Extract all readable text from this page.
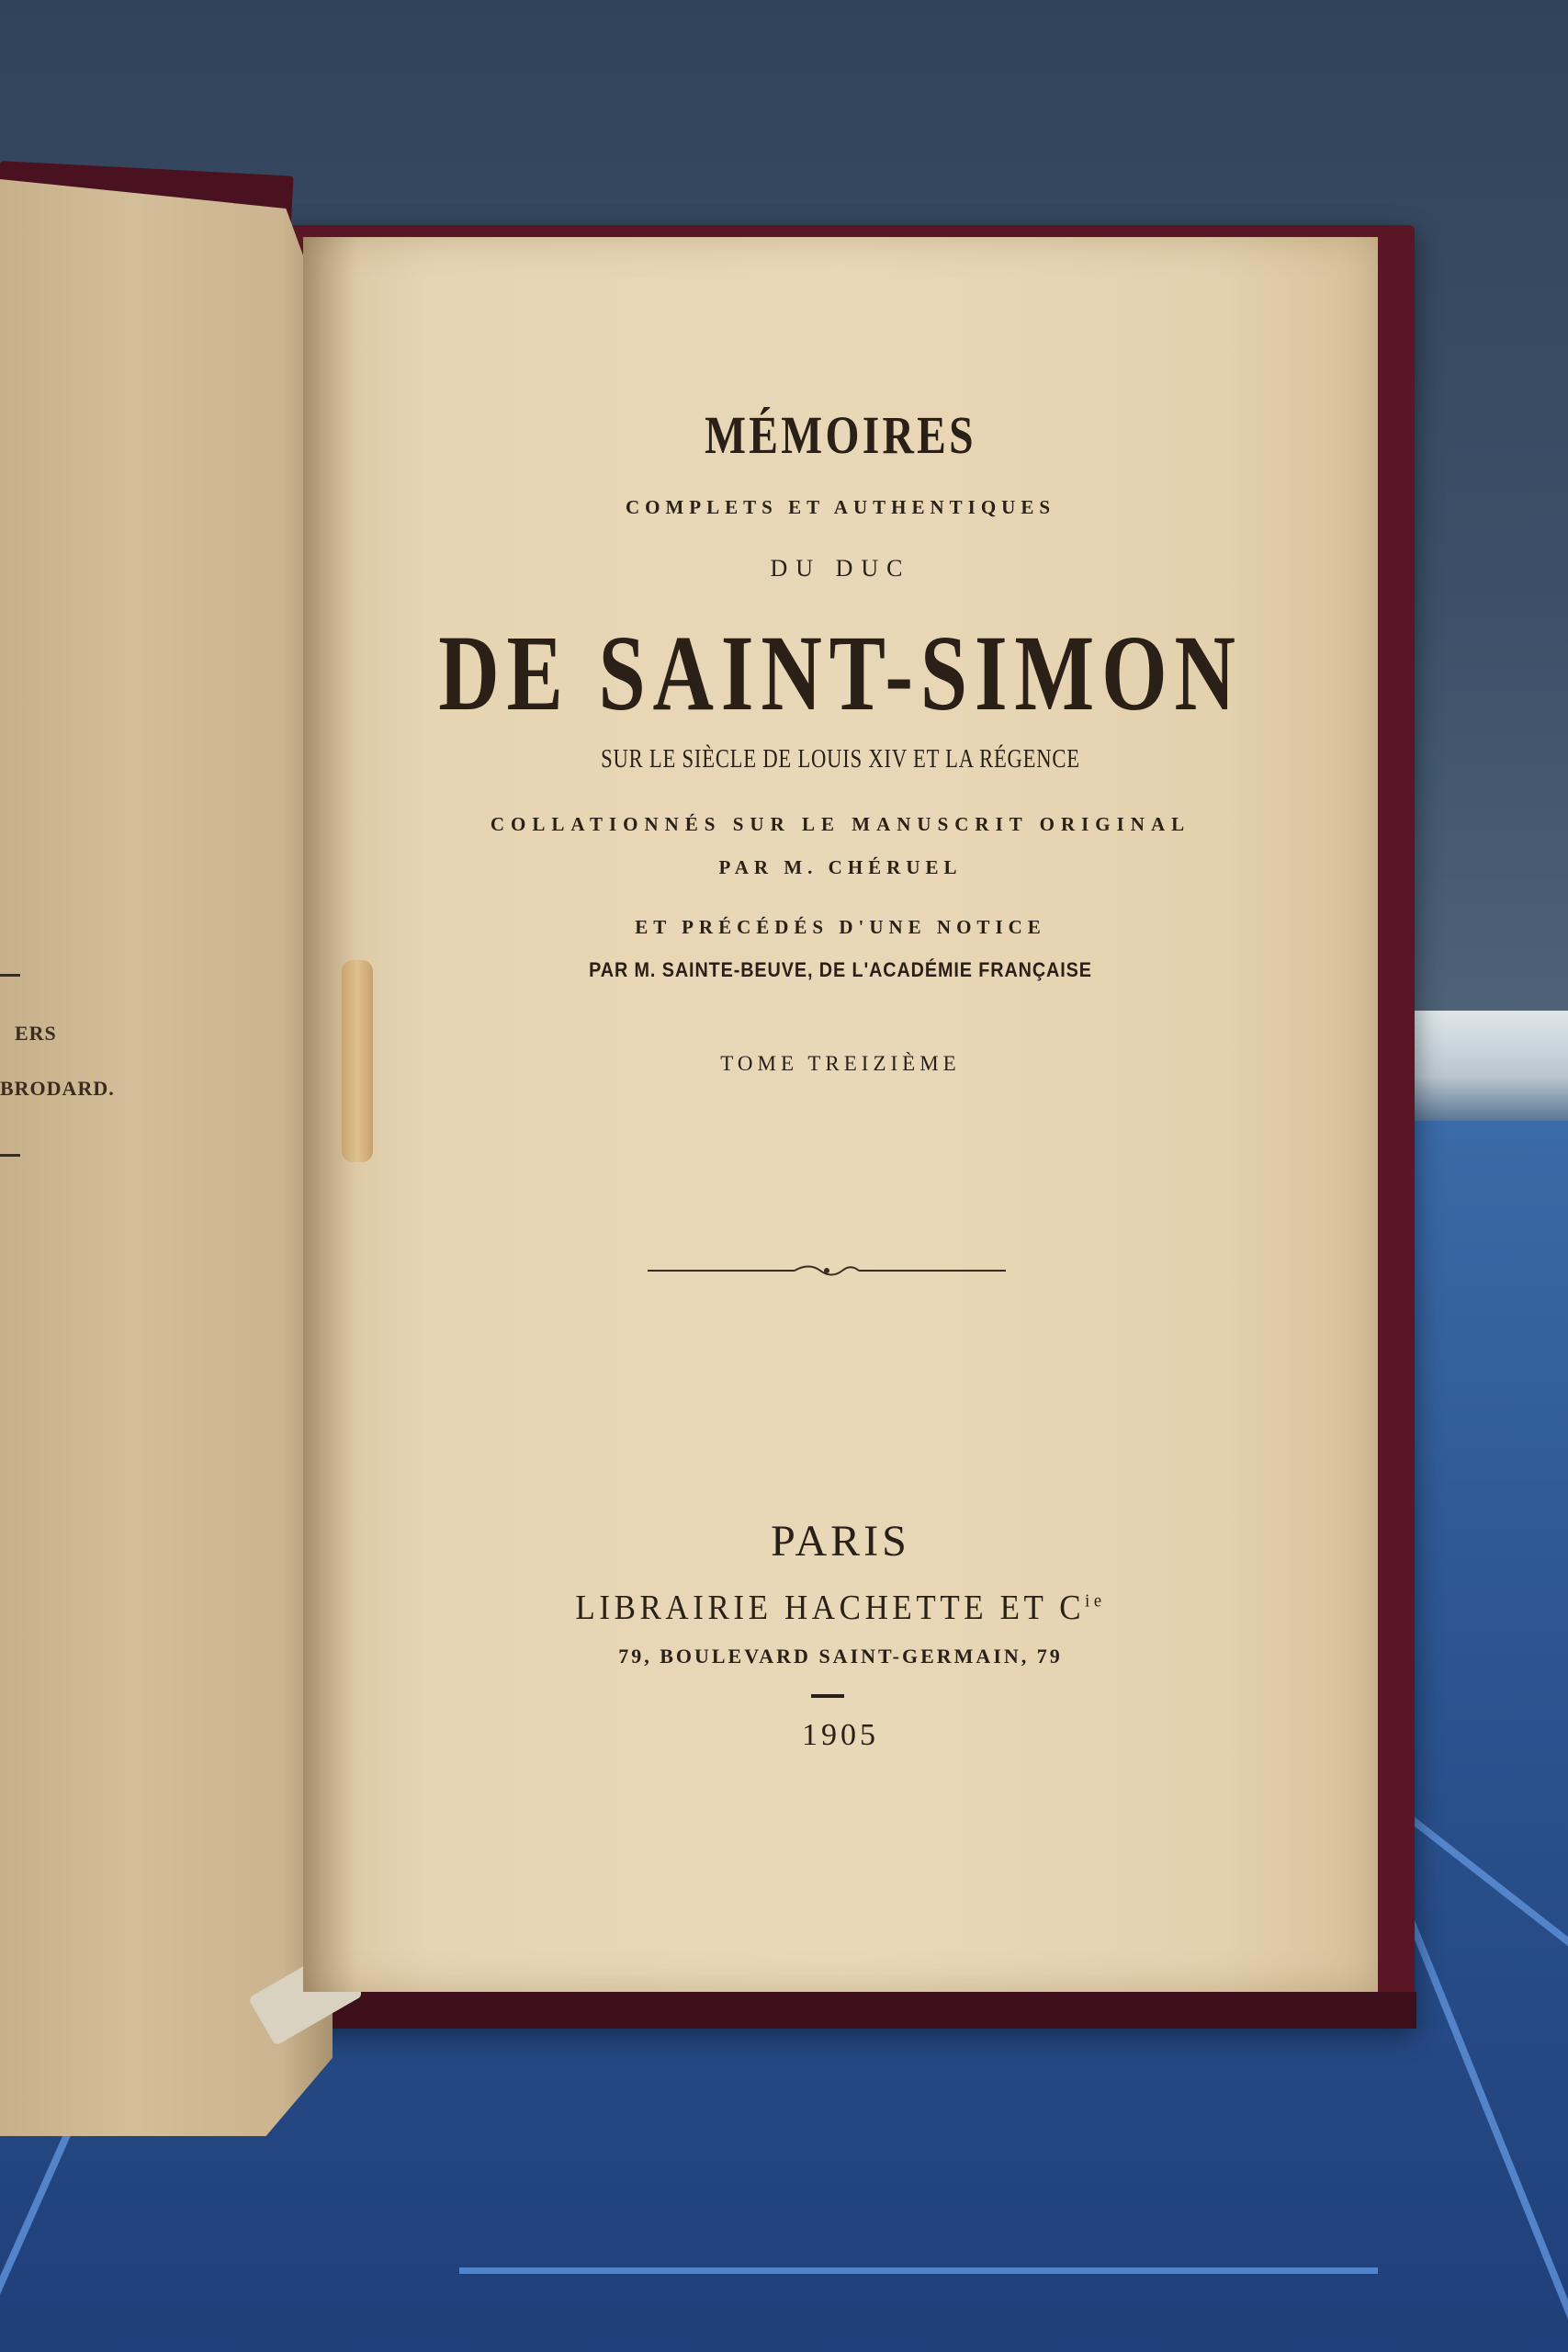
ERS
BRODARD.
MÉMOIRES
COMPLETS ET AUTHENTIQUES
DU DUC
DE SAINT-SIMON
SUR LE SIÈCLE DE LOUIS XIV ET LA RÉGENCE
COLLATIONNÉS SUR LE MANUSCRIT ORIGINAL
PAR M. CHÉRUEL
ET PRÉCÉDÉS D'UNE NOTICE
PAR M. SAINTE-BEUVE, DE L'ACADÉMIE FRANÇAISE
TOME TREIZIÈME
PARIS
LIBRAIRIE HACHETTE ET $C^{ie}$
79, BOULEVARD SAINT-GERMAIN, 79
1905
